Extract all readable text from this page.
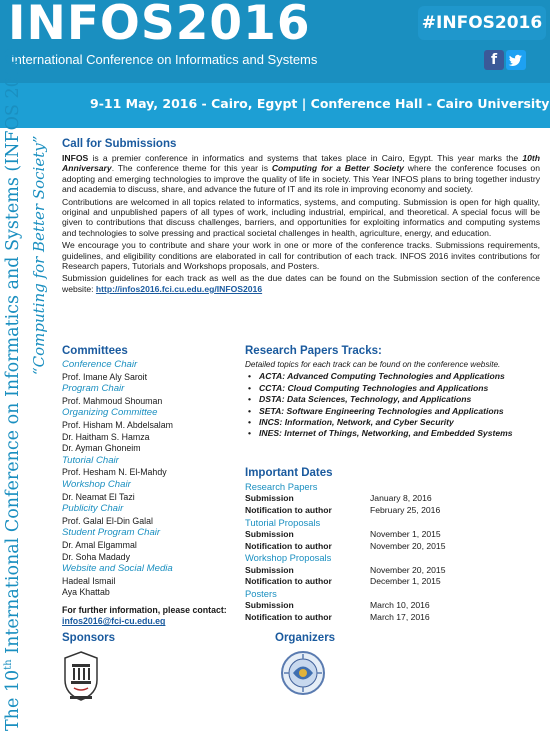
INFOS2016
International Conference on Informatics and Systems
#INFOS2016
f
9-11 May, 2016 - Cairo, Egypt | Conference Hall - Cairo University
The 10th International Conference on Informatics and Systems (INFOS 2016) “Computing for Better Society” Call for Submissions

INFOS is a premier conference in informatics and systems that takes place in Cairo, Egypt. This year marks the 10th Anniversary. The conference theme for this year is Computing for a Better Society where the conference focuses on adopting and emerging technologies to improve the quality of life in society. This Year INFOS plans to bring together industry and academia to discuss, share, and advance the future of IT and its role in improving economy and society.

Contributions are welcomed in all topics related to informatics, systems, and computing. Submission is open for high quality, original and unpublished papers of all types of work, including industrial, empirical, and theoretical. A special focus will be given to contributions that discuss challenges, barriers, and opportunities for exploiting informatics and computing systems and technologies to solve pressing and practical societal challenges in health, agriculture, energy, and education.

We encourage you to contribute and share your work in one or more of the conference tracks. Submissions requirements, guidelines, and eligibility conditions are elaborated in call for contribution of each track. INFOS 2016 invites contributions for Research papers, Tutorials and Workshops proposals, and Posters.

Submission guidelines for each track as well as the due dates can be found on the Submission section of the conference website: http://infos2016.fci.cu.edu.eg/INFOS2016

Committees
Conference Chair
Prof. Imane Aly Saroit
Program Chair
Prof. Mahmoud Shouman
Organizing Committee
Prof. Hisham M. Abdelsalam
Dr. Haitham S. Hamza
Dr. Ayman Ghoneim
Tutorial Chair
Prof. Hesham N. El-Mahdy
Workshop Chair
Dr. Neamat El Tazi
Publicity Chair
Prof. Galal El-Din Galal
Student Program Chair
Dr. Amal Elgammal
Dr. Soha Madady
Website and Social Media
Hadeal Ismail
Aya Khattab
For further information, please contact:
infos2016@fci-cu.edu.eg
Research Papers Tracks:
Detailed topics for each track can be found on the conference website.
• ACTA: Advanced Computing Technologies and Applications
• CCTA: Cloud Computing Technologies and Applications
• DSTA: Data Sciences, Technology, and Applications
• SETA: Software Engineering Technologies and Applications
• INCS: Information, Network, and Cyber Security
• INES: Internet of Things, Networking, and Embedded Systems
Important Dates
Research Papers
Submission	January 8, 2016
Notification to author	February 25, 2016
Tutorial Proposals
Submission	November 1, 2015
Notification to author	November 20, 2015
Workshop Proposals
Submission	November 20, 2015
Notification to author	December 1, 2015
Posters
Submission	March 10, 2016
Notification to author	March 17, 2016
Sponsors	Organizers
